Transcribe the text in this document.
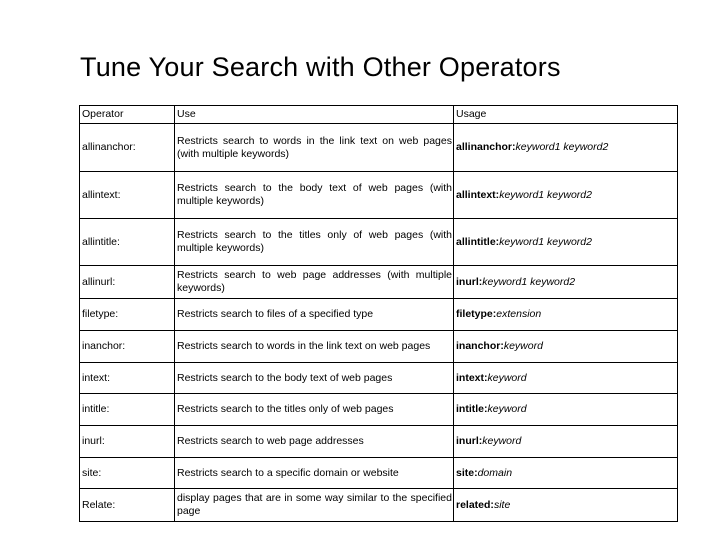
Tune Your Search with Other Operators
Operator	Use	Usage
allinanchor:	Restricts search to words in the link text on web pages (with multiple keywords)	allinanchor:keyword1 keyword2
allintext:	Restricts search to the body text of web pages (with multiple keywords)	allintext:keyword1 keyword2
allintitle:	Restricts search to the titles only of web pages (with multiple keywords)	allintitle:keyword1 keyword2
allinurl:	Restricts search to web page addresses (with multiple keywords)	inurl:keyword1 keyword2
filetype:	Restricts search to files of a specified type	filetype:extension
inanchor:	Restricts search to words in the link text on web pages	inanchor:keyword
intext:	Restricts search to the body text of web pages	intext:keyword
intitle:	Restricts search to the titles only of web pages	intitle:keyword
inurl:	Restricts search to web page addresses	inurl:keyword
site:	Restricts search to a specific domain or website	site:domain
Relate:	display pages that are in some way similar to the specified page	related:site
